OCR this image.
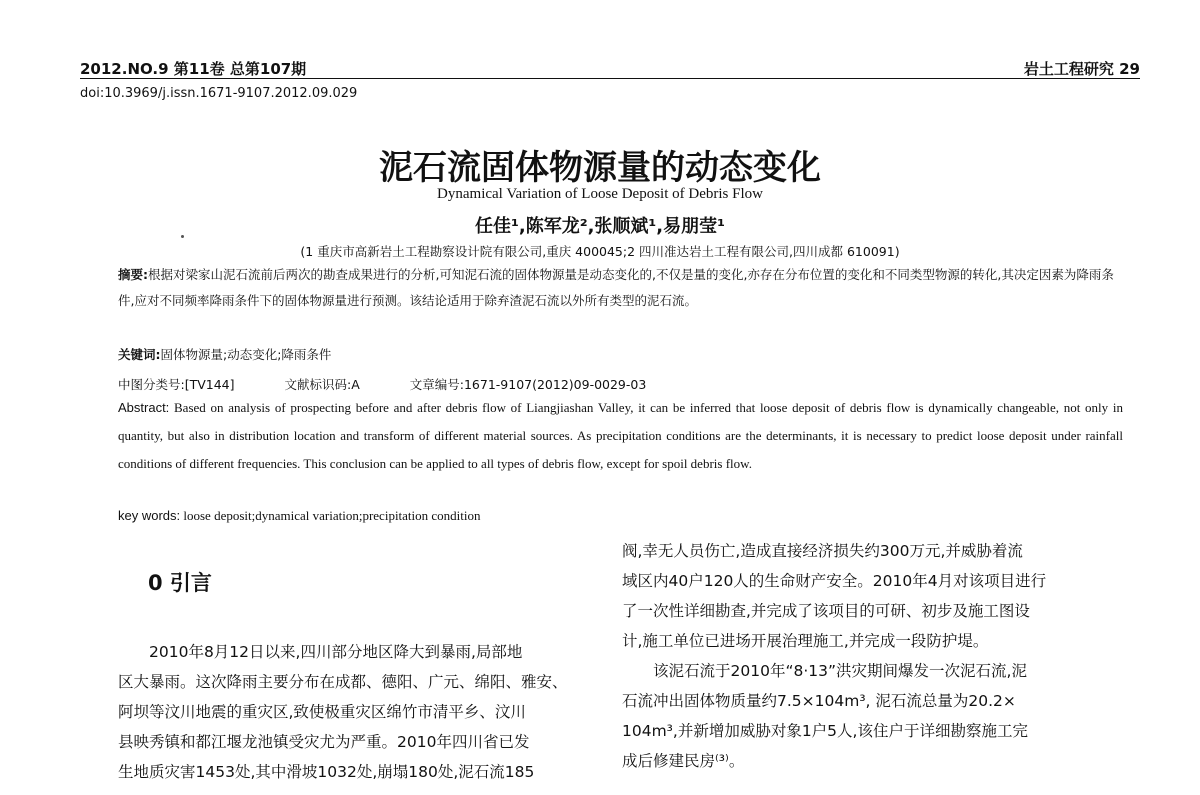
2012.NO.9 第11卷 总第107期	岩土工程研究 29
doi:10.3969/j.issn.1671-9107.2012.09.029
泥石流固体物源量的动态变化
Dynamical Variation of Loose Deposit of Debris Flow
任佳¹,陈军龙²,张顺斌¹,易朋莹¹
(1 重庆市高新岩土工程勘察设计院有限公司,重庆 400045;2 四川准达岩土工程有限公司,四川成都 610091)
摘要:根据对梁家山泥石流前后两次的勘查成果进行的分析,可知泥石流的固体物源量是动态变化的,不仅是量的变化,亦存在分布位置的变化和不同类型物源的转化,其决定因素为降雨条件,应对不同频率降雨条件下的固体物源量进行预测。该结论适用于除弃渣泥石流以外所有类型的泥石流。
关键词:固体物源量;动态变化;降雨条件
中图分类号:[TV144]	文献标识码:A	文章编号:1671-9107(2012)09-0029-03
Abstract: Based on analysis of prospecting before and after debris flow of Liangjiashan Valley, it can be inferred that loose deposit of debris flow is dynamically changeable, not only in quantity, but also in distribution location and transform of different material sources. As precipitation conditions are the determinants, it is necessary to predict loose deposit under rainfall conditions of different frequencies. This conclusion can be applied to all types of debris flow, except for spoil debris flow.
key words: loose deposit;dynamical variation;precipitation condition
0 引言
2010年8月12日以来,四川部分地区降大到暴雨,局部地
区大暴雨。这次降雨主要分布在成都、德阳、广元、绵阳、雅安、
阿坝等汶川地震的重灾区,致使极重灾区绵竹市清平乡、汶川
县映秀镇和都江堰龙池镇受灾尤为严重。2010年四川省已发
生地质灾害1453处,其中滑坡1032处,崩塌180处,泥石流185
阀,幸无人员伤亡,造成直接经济损失约300万元,并威胁着流
域区内40户120人的生命财产安全。2010年4月对该项目进行
了一次性详细勘查,并完成了该项目的可研、初步及施工图设
计,施工单位已进场开展治理施工,并完成一段防护堤。
该泥石流于2010年“8·13”洪灾期间爆发一次泥石流,泥
石流冲出固体物质量约7.5×104m³, 泥石流总量为20.2×
104m³,并新增加威胁对象1户5人,该住户于详细勘察施工完
成后修建民房⁽³⁾。
